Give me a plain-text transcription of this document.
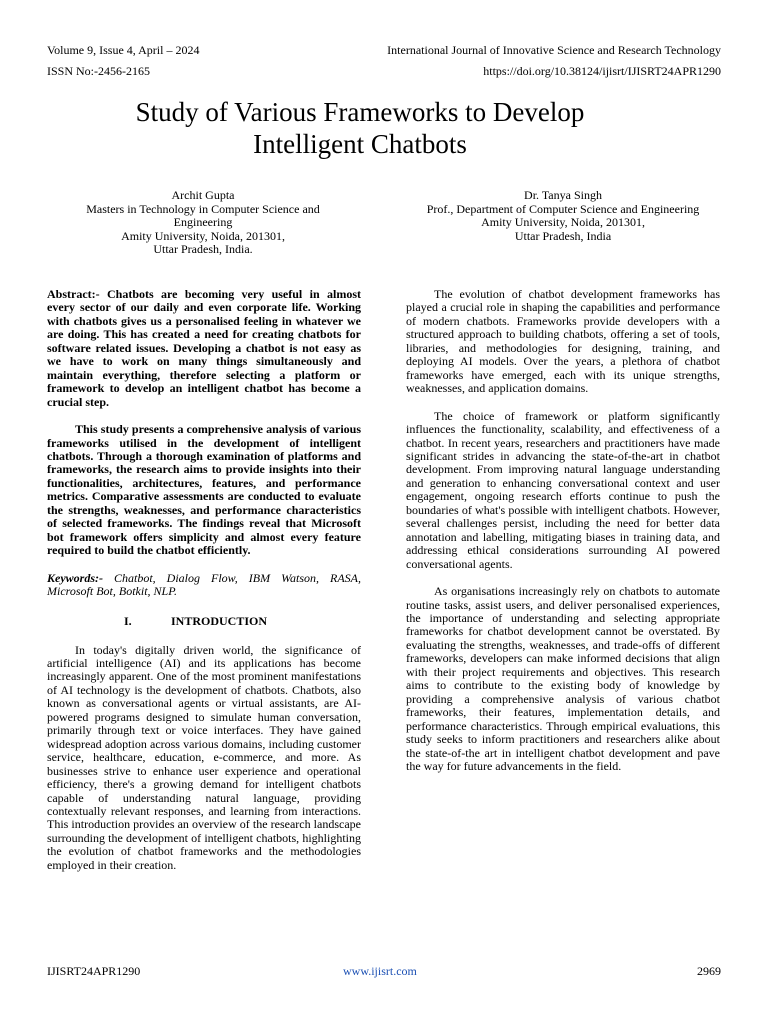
Volume 9, Issue 4, April – 2024	International Journal of Innovative Science and Research Technology
ISSN No:-2456-2165	https://doi.org/10.38124/ijisrt/IJISRT24APR1290
Study of Various Frameworks to Develop
Intelligent Chatbots
Archit Gupta
Masters in Technology in Computer Science and
Engineering
Amity University, Noida, 201301,
Uttar Pradesh, India.
Dr. Tanya Singh
Prof., Department of Computer Science and Engineering
Amity University, Noida, 201301,
Uttar Pradesh, India

Abstract:- Chatbots are becoming very useful in almost every sector of our daily and even corporate life. Working with chatbots gives us a personalised feeling in whatever we are doing. This has created a need for creating chatbots for software related issues. Developing a chatbot is not easy as we have to work on many things simultaneously and maintain everything, therefore selecting a platform or framework to develop an intelligent chatbot has become a crucial step.

This study presents a comprehensive analysis of various frameworks utilised in the development of intelligent chatbots. Through a thorough examination of platforms and frameworks, the research aims to provide insights into their functionalities, architectures, features, and performance metrics. Comparative assessments are conducted to evaluate the strengths, weaknesses, and performance characteristics of selected frameworks. The findings reveal that Microsoft bot framework offers simplicity and almost every feature required to build the chatbot efficiently.

Keywords:- Chatbot, Dialog Flow, IBM Watson, RASA, Microsoft Bot, Botkit, NLP.

I.	INTRODUCTION

In today's digitally driven world, the significance of artificial intelligence (AI) and its applications has become increasingly apparent. One of the most prominent manifestations of AI technology is the development of chatbots. Chatbots, also known as conversational agents or virtual assistants, are AI-powered programs designed to simulate human conversation, primarily through text or voice interfaces. They have gained widespread adoption across various domains, including customer service, healthcare, education, e-commerce, and more. As businesses strive to enhance user experience and operational efficiency, there's a growing demand for intelligent chatbots capable of understanding natural language, providing contextually relevant responses, and learning from interactions. This introduction provides an overview of the research landscape surrounding the development of intelligent chatbots, highlighting the evolution of chatbot frameworks and the methodologies employed in their creation.

The evolution of chatbot development frameworks has played a crucial role in shaping the capabilities and performance of modern chatbots. Frameworks provide developers with a structured approach to building chatbots, offering a set of tools, libraries, and methodologies for designing, training, and deploying AI models. Over the years, a plethora of chatbot frameworks have emerged, each with its unique strengths, weaknesses, and application domains.

The choice of framework or platform significantly influences the functionality, scalability, and effectiveness of a chatbot. In recent years, researchers and practitioners have made significant strides in advancing the state-of-the-art in chatbot development. From improving natural language understanding and generation to enhancing conversational context and user engagement, ongoing research efforts continue to push the boundaries of what's possible with intelligent chatbots. However, several challenges persist, including the need for better data annotation and labelling, mitigating biases in training data, and addressing ethical considerations surrounding AI powered conversational agents.

As organisations increasingly rely on chatbots to automate routine tasks, assist users, and deliver personalised experiences, the importance of understanding and selecting appropriate frameworks for chatbot development cannot be overstated. By evaluating the strengths, weaknesses, and trade-offs of different frameworks, developers can make informed decisions that align with their project requirements and objectives. This research aims to contribute to the existing body of knowledge by providing a comprehensive analysis of various chatbot frameworks, their features, implementation details, and performance characteristics. Through empirical evaluations, this study seeks to inform practitioners and researchers alike about the state-of-the art in intelligent chatbot development and pave the way for future advancements in the field.

IJISRT24APR1290	www.ijisrt.com	2969
